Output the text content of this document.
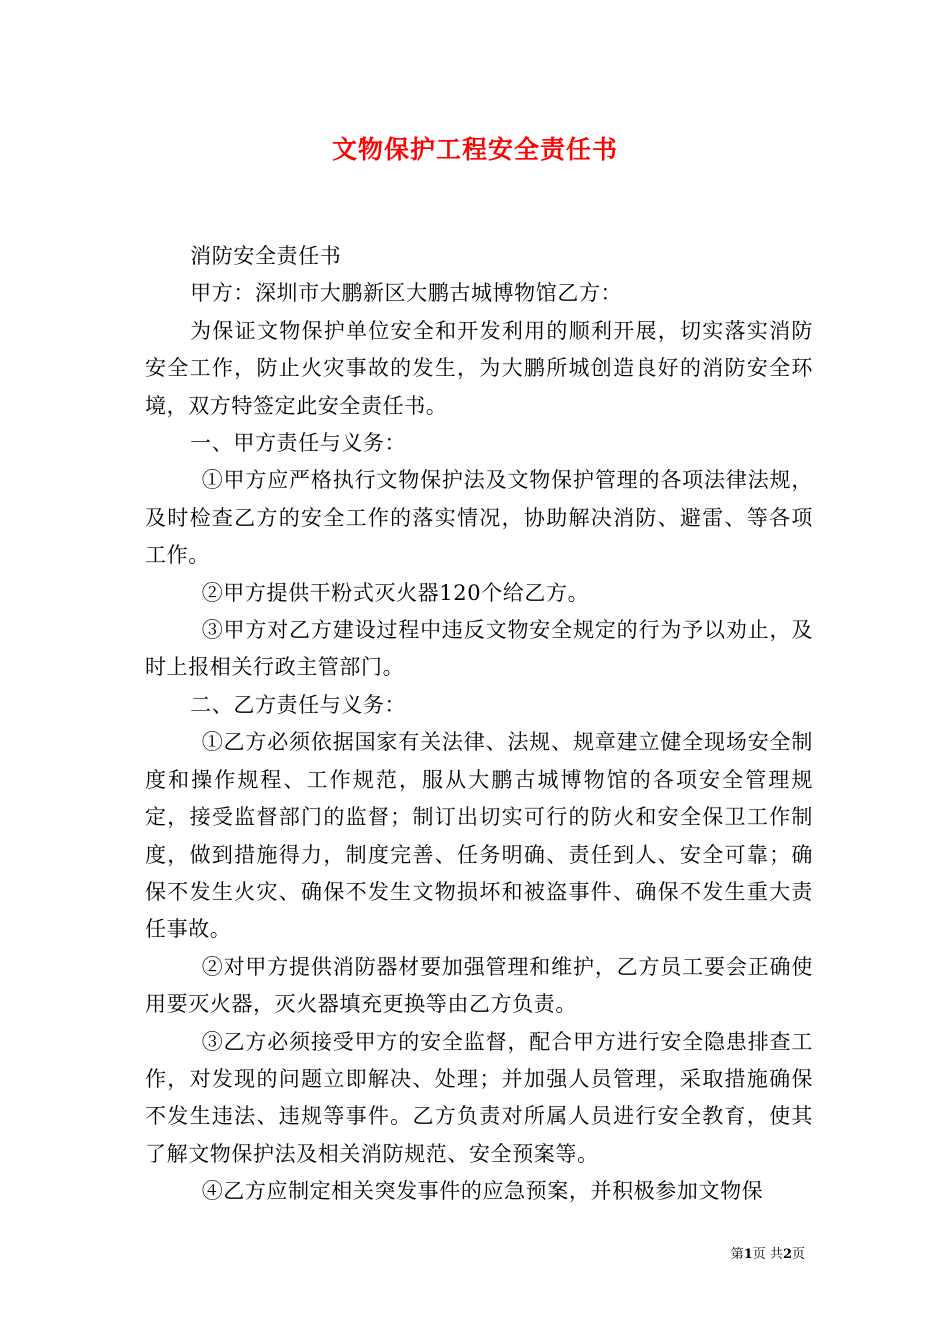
文物保护工程安全责任书

消防安全责任书

甲方：深圳市大鹏新区大鹏古城博物馆乙方：

为保证文物保护单位安全和开发利用的顺利开展，切实落实消防安全工作，防止火灾事故的发生，为大鹏所城创造良好的消防安全环境，双方特签定此安全责任书。

一、甲方责任与义务：

①甲方应严格执行文物保护法及文物保护管理的各项法律法规，及时检查乙方的安全工作的落实情况，协助解决消防、避雷、等各项工作。

②甲方提供干粉式灭火器120个给乙方。

③甲方对乙方建设过程中违反文物安全规定的行为予以劝止，及时上报相关行政主管部门。

二、乙方责任与义务：

①乙方必须依据国家有关法律、法规、规章建立健全现场安全制度和操作规程、工作规范，服从大鹏古城博物馆的各项安全管理规定，接受监督部门的监督；制订出切实可行的防火和安全保卫工作制度，做到措施得力，制度完善、任务明确、责任到人、安全可靠；确保不发生火灾、确保不发生文物损坏和被盗事件、确保不发生重大责任事故。

②对甲方提供消防器材要加强管理和维护，乙方员工要会正确使用要灭火器，灭火器填充更换等由乙方负责。

③乙方必须接受甲方的安全监督，配合甲方进行安全隐患排查工作，对发现的问题立即解决、处理；并加强人员管理，采取措施确保不发生违法、违规等事件。乙方负责对所属人员进行安全教育，使其了解文物保护法及相关消防规范、安全预案等。

④乙方应制定相关突发事件的应急预案，并积极参加文物保

第1页 共2页
